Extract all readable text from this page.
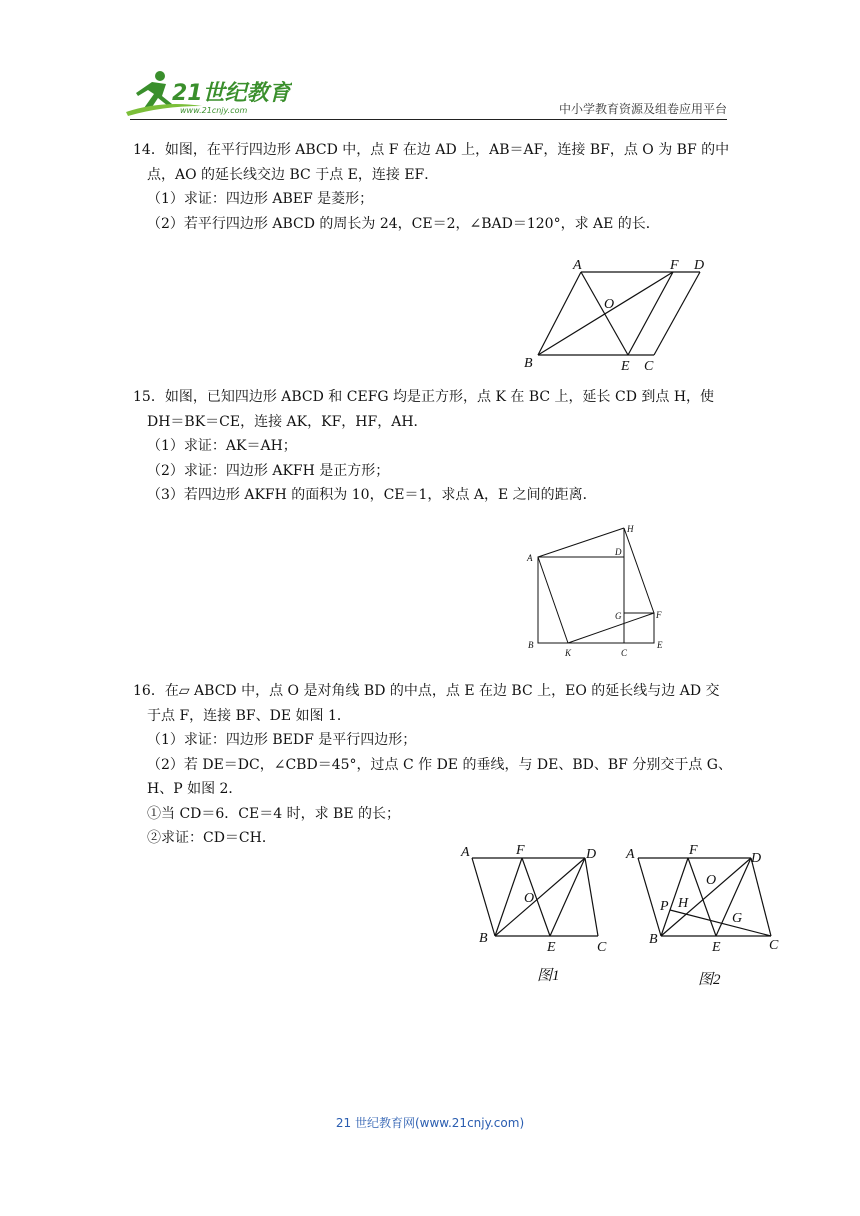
21世纪教育
www.21cnjy.com	中小学教育资源及组卷应用平台

14．如图，在平行四边形 ABCD 中，点 F 在边 AD 上，AB＝AF，连接 BF，点 O 为 BF 的中

点，AO 的延长线交边 BC 于点 E，连接 EF．

（1）求证：四边形 ABEF 是菱形；

（2）若平行四边形 ABCD 的周长为 24，CE＝2，∠BAD＝120°，求 AE 的长．

A	F D
O
B	E C

15．如图，已知四边形 ABCD 和 CEFG 均是正方形，点 K 在 BC 上，延长 CD 到点 H，使

DH＝BK＝CE，连接 AK，KF，HF，AH．

（1）求证：AK＝AH；

（2）求证：四边形 AKFH 是正方形；

（3）若四边形 AKFH 的面积为 10，CE＝1，求点 A，E 之间的距离．

H
D
A
G	F
B
K	C
E

16．在▱ ABCD 中，点 O 是对角线 BD 的中点，点 E 在边 BC 上，EO 的延长线与边 AD 交

于点 F，连接 BF、DE 如图 1．

（1）求证：四边形 BEDF 是平行四边形；

（2）若 DE＝DC，∠CBD＝45°，过点 C 作 DE 的垂线，与 DE、BD、BF 分别交于点 G、

H、P 如图 2．

①当 CD＝6．CE＝4 时，求 BE 的长；

②求证：CD＝CH．

A	F	D
O
B
E	C
图1
A	F
D
O
P H
G
B
E	C
图2
21 世纪教育网(www.21cnjy.com)
